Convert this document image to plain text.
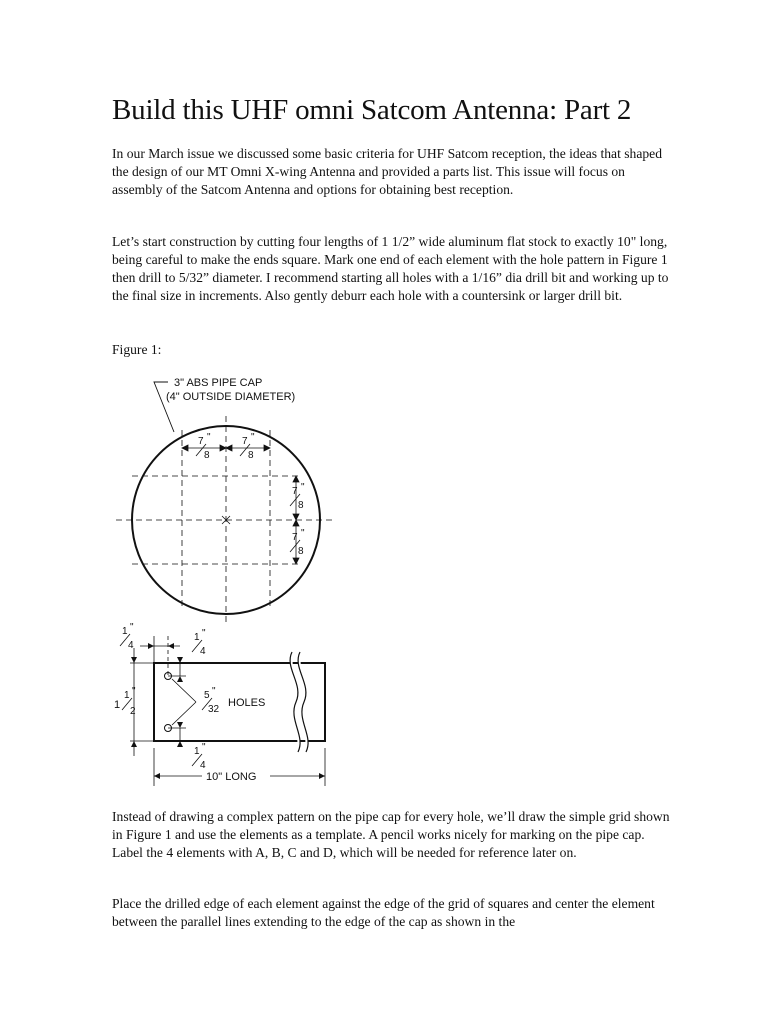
Build this UHF omni Satcom Antenna: Part 2

In our March issue we discussed some basic criteria for UHF Satcom reception, the ideas that shaped the design of our MT Omni X-wing Antenna and provided a parts list. This issue will focus on assembly of the Satcom Antenna and options for obtaining best reception.

Let’s start construction by cutting four lengths of 1 1/2” wide aluminum flat stock to exactly 10" long, being careful to make the ends square. Mark one end of each element with the hole pattern in Figure 1 then drill to 5/32” diameter. I recommend starting all holes with a 1/16” dia drill bit and working up to the final size in increments. Also gently deburr each hole with a countersink or larger drill bit.

Figure 1:

3" ABS PIPE CAP
(4" OUTSIDE DIAMETER)
7 "
8
7 "
8
7 "
8
7 "
8
1 "
4
1 "
4
1
1 "
2
5 "
32
HOLES
1 "
4
10" LONG

Instead of drawing a complex pattern on the pipe cap for every hole, we’ll draw the simple grid shown in Figure 1 and use the elements as a template. A pencil works nicely for marking on the pipe cap. Label the 4 elements with A, B, C and D, which will be needed for reference later on.

Place the drilled edge of each element against the edge of the grid of squares and center the element between the parallel lines extending to the edge of the cap as shown in the
